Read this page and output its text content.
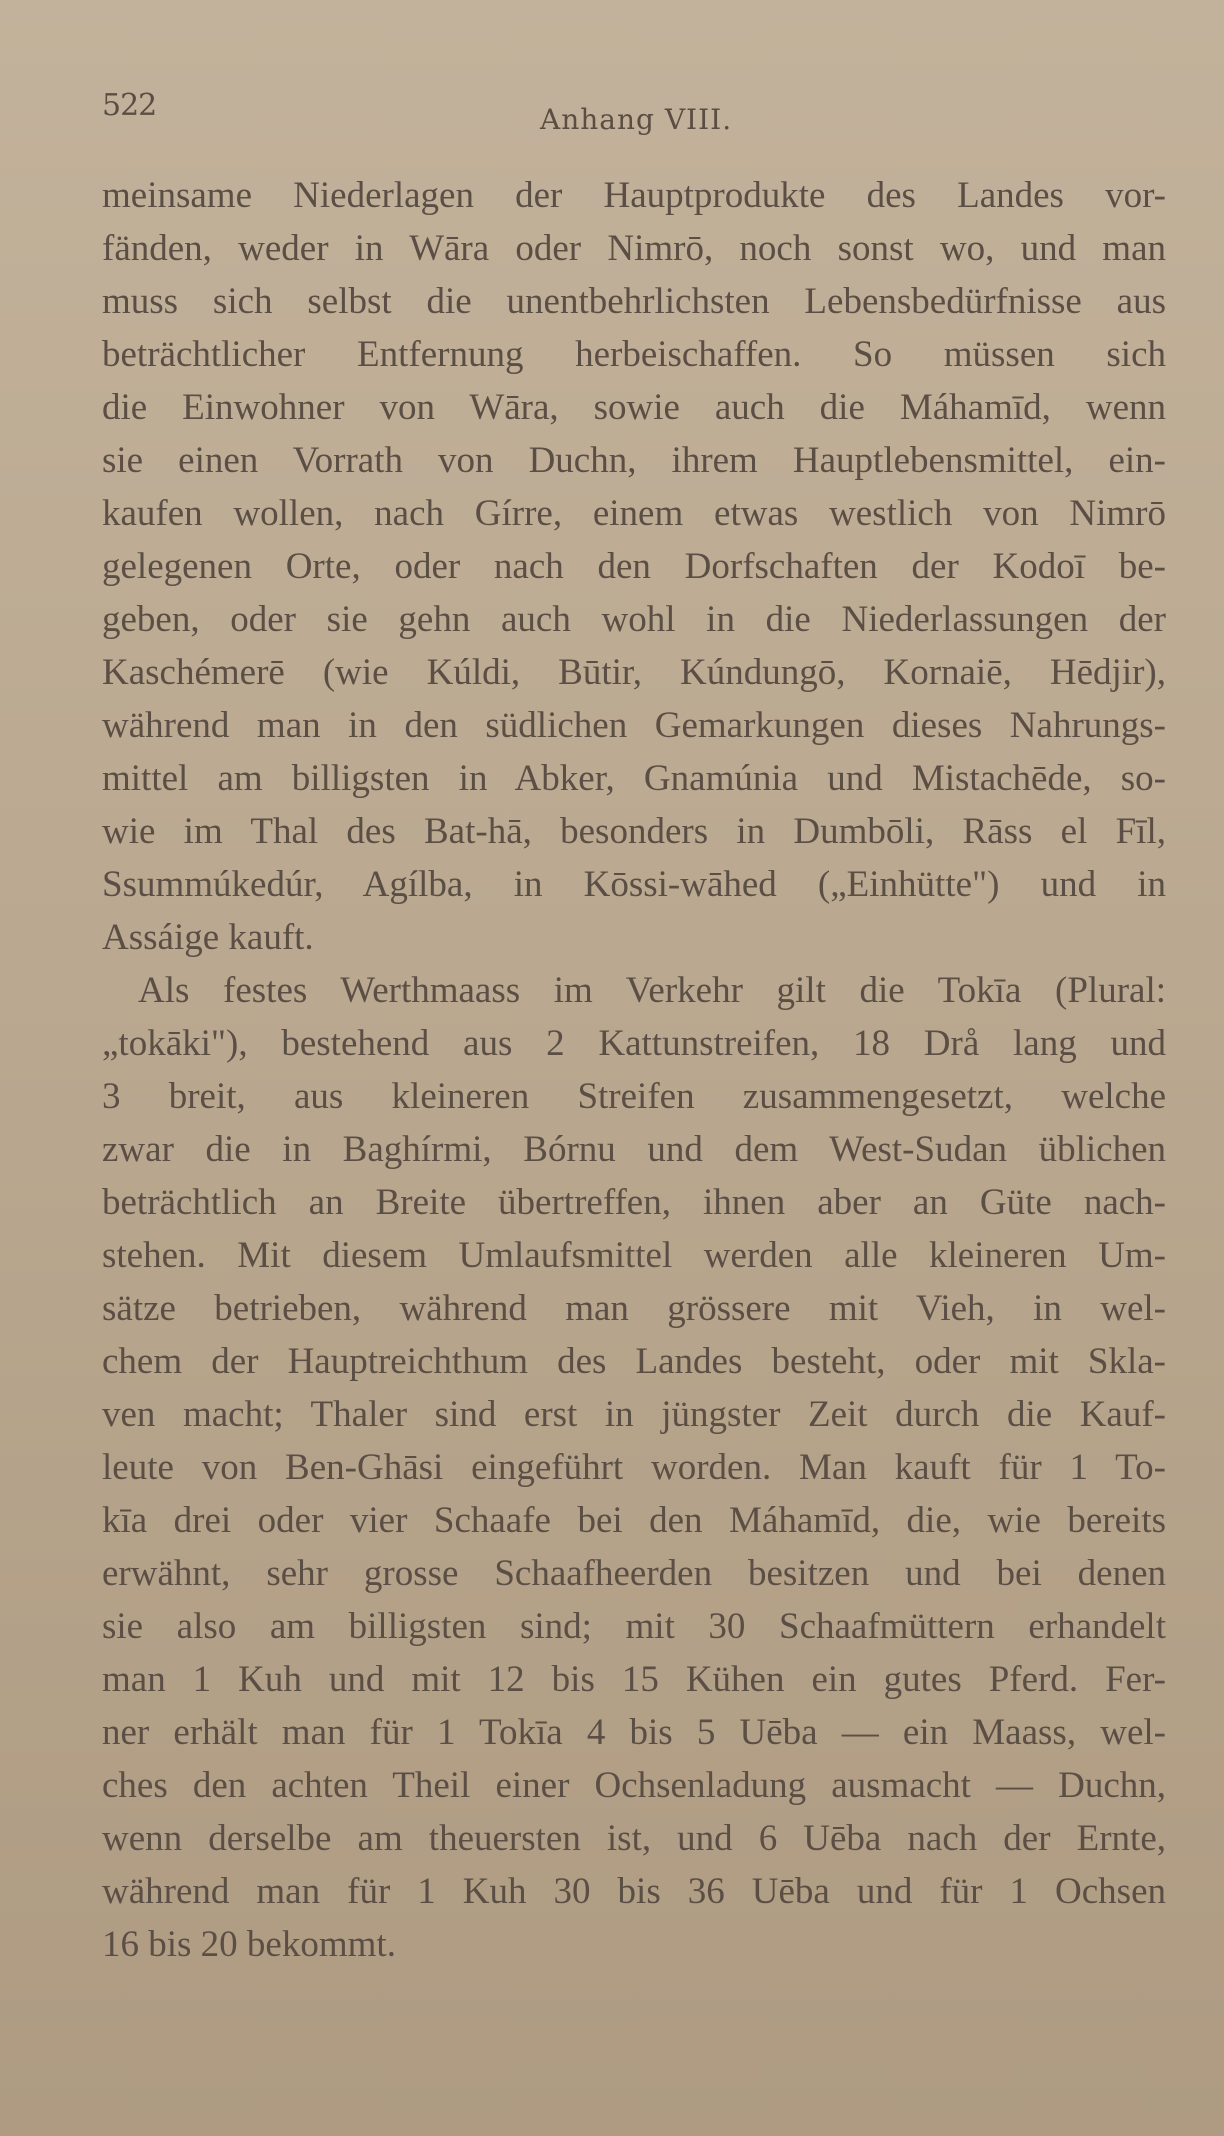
522	Anhang VIII.
meinsame Niederlagen der Hauptprodukte des Landes vor-
fänden, weder in Wāra oder Nimrō, noch sonst wo, und man
muss sich selbst die unentbehrlichsten Lebensbedürfnisse aus
beträchtlicher Entfernung herbeischaffen. So müssen sich
die Einwohner von Wāra, sowie auch die Máhamīd, wenn
sie einen Vorrath von Duchn, ihrem Hauptlebensmittel, ein-
kaufen wollen, nach Gírre, einem etwas westlich von Nimrō
gelegenen Orte, oder nach den Dorfschaften der Kodoī be-
geben, oder sie gehn auch wohl in die Niederlassungen der
Kaschémerē (wie Kúldi, Būtir, Kúndungō, Kornaiē, Hēdjir),
während man in den südlichen Gemarkungen dieses Nahrungs-
mittel am billigsten in Abker, Gnamúnia und Mistachēde, so-
wie im Thal des Bat-hā, besonders in Dumbōli, Rāss el Fīl,
Ssummúkedúr, Agílba, in Kōssi-wāhed („Einhütte") und in
Assáige kauft.
Als festes Werthmaass im Verkehr gilt die Tokīa (Plural:
„tokāki"), bestehend aus 2 Kattunstreifen, 18 Drå lang und
3 breit, aus kleineren Streifen zusammengesetzt, welche
zwar die in Baghírmi, Bórnu und dem West-Sudan üblichen
beträchtlich an Breite übertreffen, ihnen aber an Güte nach-
stehen. Mit diesem Umlaufsmittel werden alle kleineren Um-
sätze betrieben, während man grössere mit Vieh, in wel-
chem der Hauptreichthum des Landes besteht, oder mit Skla-
ven macht; Thaler sind erst in jüngster Zeit durch die Kauf-
leute von Ben-Ghāsi eingeführt worden. Man kauft für 1 To-
kīa drei oder vier Schaafe bei den Máhamīd, die, wie bereits
erwähnt, sehr grosse Schaafheerden besitzen und bei denen
sie also am billigsten sind; mit 30 Schaafmüttern erhandelt
man 1 Kuh und mit 12 bis 15 Kühen ein gutes Pferd. Fer-
ner erhält man für 1 Tokīa 4 bis 5 Uēba — ein Maass, wel-
ches den achten Theil einer Ochsenladung ausmacht — Duchn,
wenn derselbe am theuersten ist, und 6 Uēba nach der Ernte,
während man für 1 Kuh 30 bis 36 Uēba und für 1 Ochsen
16 bis 20 bekommt.
